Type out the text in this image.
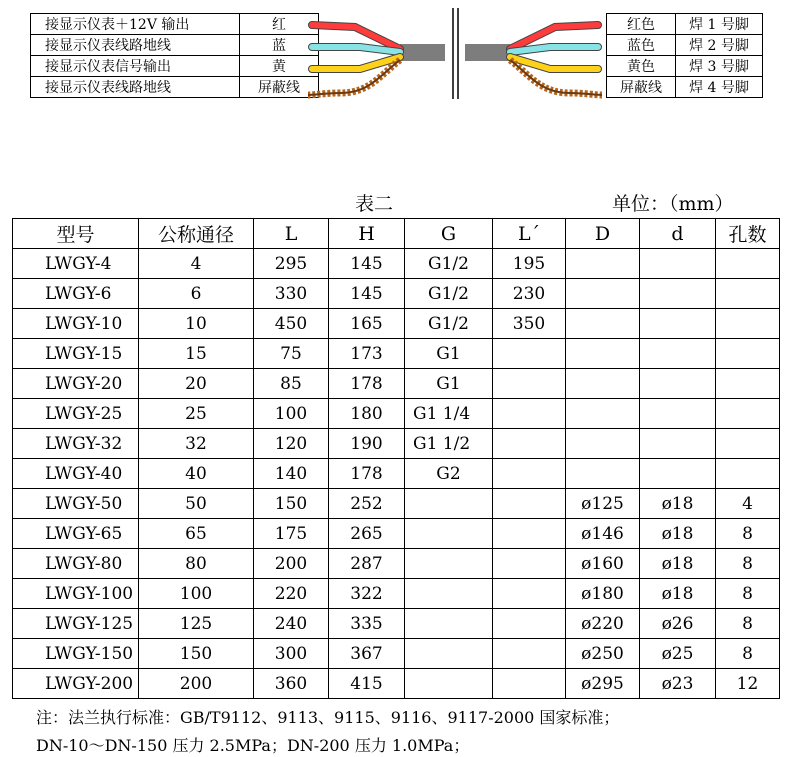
接显示仪表＋12V 输出	红
接显示仪表线路地线	蓝
接显示仪表信号输出	黄
接显示仪表线路地线	屏蔽线
红色	焊 1 号脚
蓝色	焊 2 号脚
黄色	焊 3 号脚
屏蔽线	焊 4 号脚
表二	单位：（mm）
型号	公称通径	L	H	G	L´	D	d	孔数
LWGY-4	4	295	145	G1/2	195			
LWGY-6	6	330	145	G1/2	230			
LWGY-10	10	450	165	G1/2	350			
LWGY-15	15	75	173	G1				
LWGY-20	20	85	178	G1				
LWGY-25	25	100	180	G1 1/4				
LWGY-32	32	120	190	G1 1/2				
LWGY-40	40	140	178	G2				
LWGY-50	50	150	252			ø125	ø18	4
LWGY-65	65	175	265			ø146	ø18	8
LWGY-80	80	200	287			ø160	ø18	8
LWGY-100	100	220	322			ø180	ø18	8
LWGY-125	125	240	335			ø220	ø26	8
LWGY-150	150	300	367			ø250	ø25	8
LWGY-200	200	360	415			ø295	ø23	12
注：法兰执行标准：GB/T9112、9113、9115、9116、9117-2000 国家标准；
DN-10～DN-150 压力 2.5MPa；DN-200 压力 1.0MPa；
